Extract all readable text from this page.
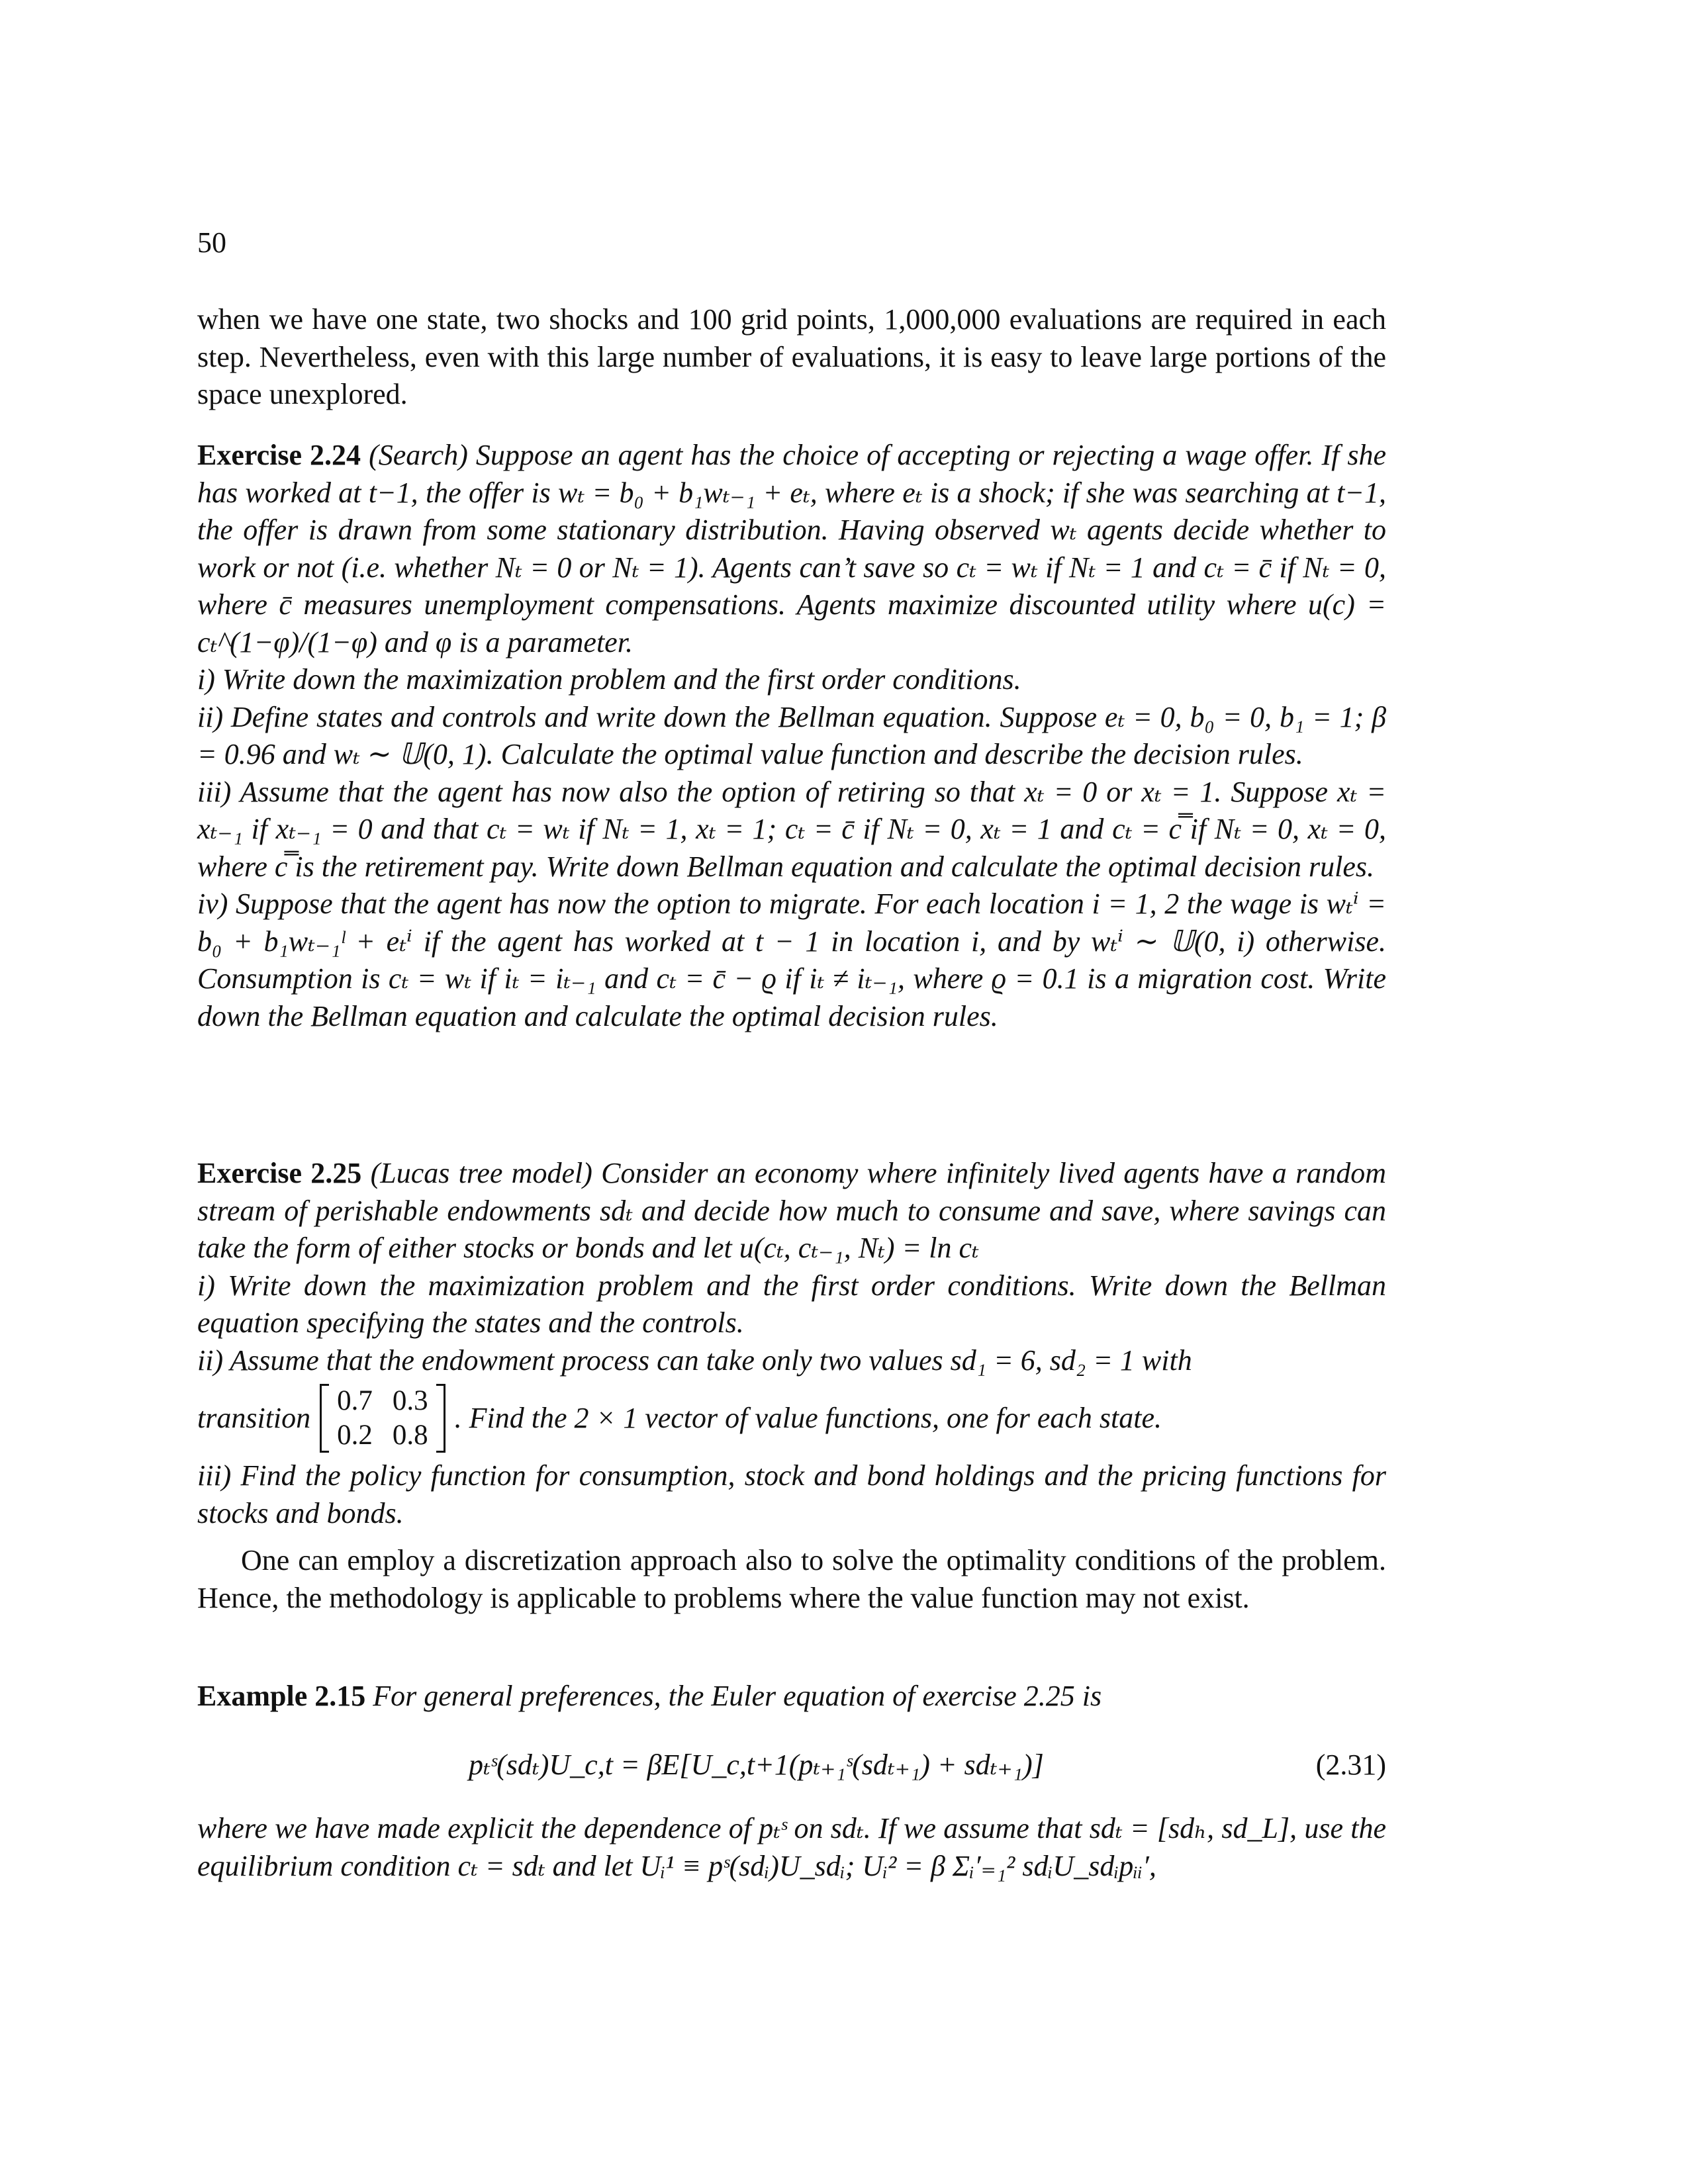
50

when we have one state, two shocks and 100 grid points, 1,000,000 evaluations are required in each step. Nevertheless, even with this large number of evaluations, it is easy to leave large portions of the space unexplored.

Exercise 2.24 (Search) Suppose an agent has the choice of accepting or rejecting a wage offer. If she has worked at t−1, the offer is wₜ = b₀ + b₁wₜ₋₁ + eₜ, where eₜ is a shock; if she was searching at t−1, the offer is drawn from some stationary distribution. Having observed wₜ agents decide whether to work or not (i.e. whether Nₜ = 0 or Nₜ = 1). Agents can’t save so cₜ = wₜ if Nₜ = 1 and cₜ = c̄ if Nₜ = 0, where c̄ measures unemployment compensations. Agents maximize discounted utility where u(c) = cₜ^(1−φ)/(1−φ) and φ is a parameter.

i) Write down the maximization problem and the first order conditions.

ii) Define states and controls and write down the Bellman equation. Suppose eₜ = 0, b₀ = 0, b₁ = 1; β = 0.96 and wₜ ∼ 𝕌(0, 1). Calculate the optimal value function and describe the decision rules.

iii) Assume that the agent has now also the option of retiring so that xₜ = 0 or xₜ = 1. Suppose xₜ = xₜ₋₁ if xₜ₋₁ = 0 and that cₜ = wₜ if Nₜ = 1, xₜ = 1; cₜ = c̄ if Nₜ = 0, xₜ = 1 and cₜ = c̿ if Nₜ = 0, xₜ = 0, where c̿ is the retirement pay. Write down Bellman equation and calculate the optimal decision rules.

iv) Suppose that the agent has now the option to migrate. For each location i = 1, 2 the wage is wₜⁱ = b₀ + b₁wₜ₋₁ˡ + eₜⁱ if the agent has worked at t − 1 in location i, and by wₜⁱ ∼ 𝕌(0, i) otherwise. Consumption is cₜ = wₜ if iₜ = iₜ₋₁ and cₜ = c̄ − ϱ if iₜ ≠ iₜ₋₁, where ϱ = 0.1 is a migration cost. Write down the Bellman equation and calculate the optimal decision rules.

Exercise 2.25 (Lucas tree model) Consider an economy where infinitely lived agents have a random stream of perishable endowments sdₜ and decide how much to consume and save, where savings can take the form of either stocks or bonds and let u(cₜ, cₜ₋₁, Nₜ) = ln cₜ

i) Write down the maximization problem and the first order conditions. Write down the Bellman equation specifying the states and the controls.

ii) Assume that the endowment process can take only two values sd₁ = 6, sd₂ = 1 with

transition
0.7 0.3
0.2 0.8
. Find the 2 × 1 vector of value functions, one for each state.

iii) Find the policy function for consumption, stock and bond holdings and the pricing functions for stocks and bonds.

One can employ a discretization approach also to solve the optimality conditions of the problem. Hence, the methodology is applicable to problems where the value function may not exist.

Example 2.15 For general preferences, the Euler equation of exercise 2.25 is

pₜˢ(sdₜ)U_c,t = βE[U_c,t+1(pₜ₊₁ˢ(sdₜ₊₁) + sdₜ₊₁)]	(2.31)

where we have made explicit the dependence of pₜˢ on sdₜ. If we assume that sdₜ = [sdₕ, sd_L], use the equilibrium condition cₜ = sdₜ and let Uᵢ¹ ≡ pˢ(sdᵢ)U_sdᵢ; Uᵢ² = β Σᵢ′₌₁² sdᵢU_sdᵢpᵢᵢ′,
